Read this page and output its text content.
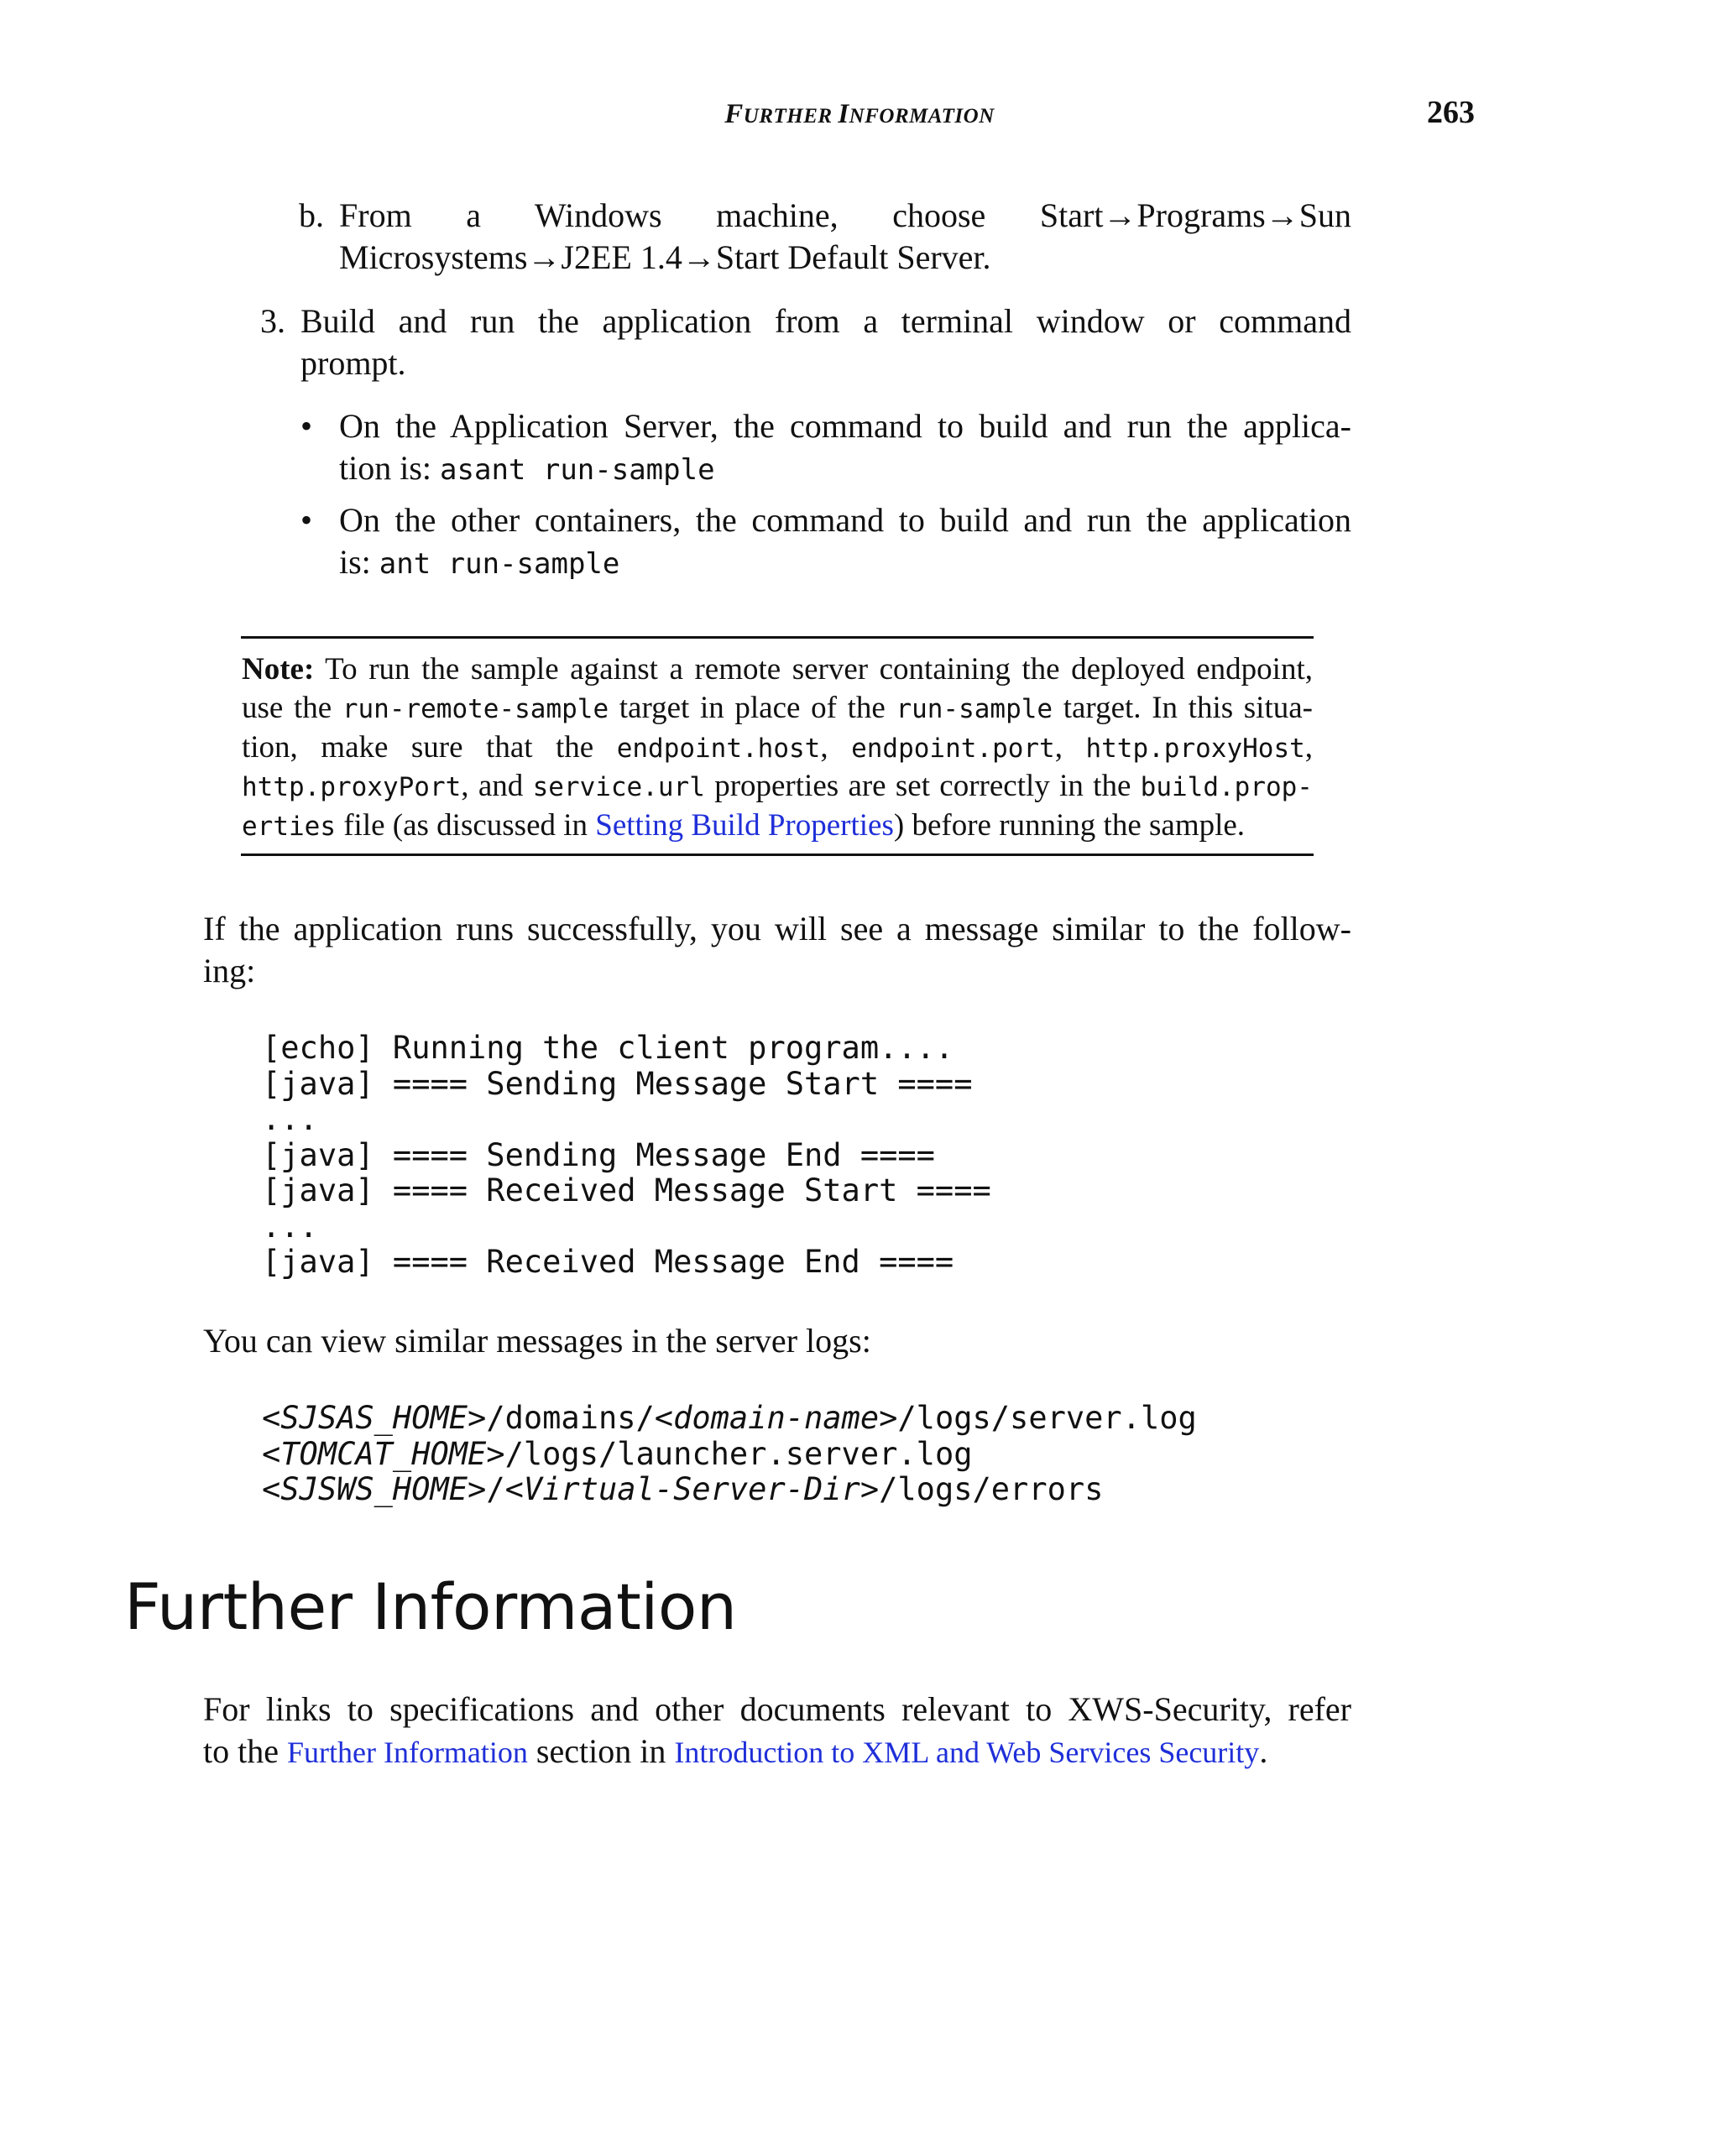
FURTHER INFORMATION	263
b. From a Windows machine, choose Start→Programs→Sun
Microsystems→J2EE 1.4→Start Default Server.
3. Build and run the application from a terminal window or command
prompt.
• On the Application Server, the command to build and run the applica-
tion is: asant run-sample
• On the other containers, the command to build and run the application
is: ant run-sample
Note: To run the sample against a remote server containing the deployed endpoint,
use the run-remote-sample target in place of the run-sample target. In this situa-
tion, make sure that the endpoint.host, endpoint.port, http.proxyHost,
http.proxyPort, and service.url properties are set correctly in the build.prop-
erties file (as discussed in Setting Build Properties) before running the sample.
If the application runs successfully, you will see a message similar to the follow-
ing:
[echo] Running the client program....
[java] ==== Sending Message Start ====
...
[java] ==== Sending Message End ====
[java] ==== Received Message Start ====
...
[java] ==== Received Message End ====
You can view similar messages in the server logs:
<SJSAS_HOME>/domains/<domain-name>/logs/server.log
<TOMCAT_HOME>/logs/launcher.server.log
<SJSWS_HOME>/<Virtual-Server-Dir>/logs/errors
Further Information
For links to specifications and other documents relevant to XWS-Security, refer
to the Further Information section in Introduction to XML and Web Services Security.
